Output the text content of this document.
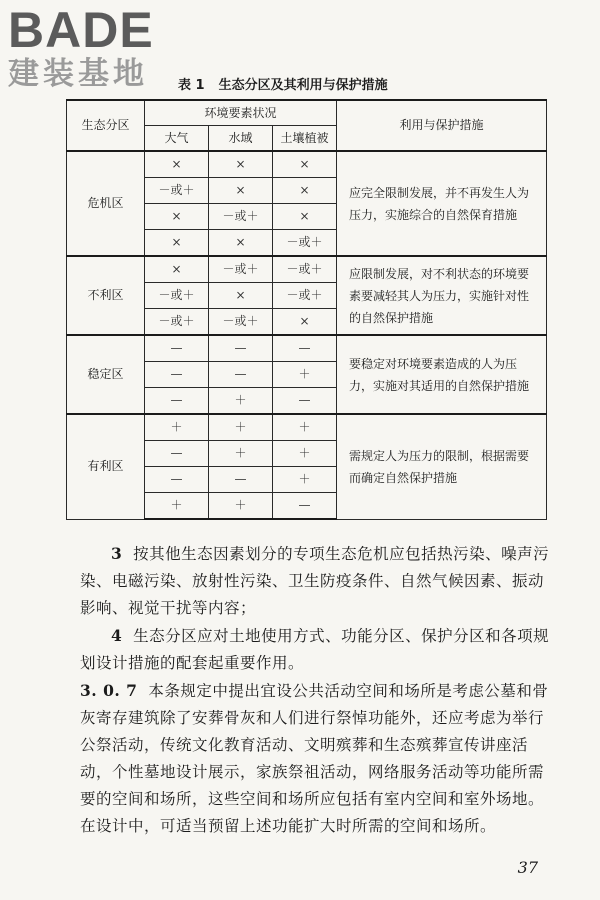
BADE
建装基地	表 1 生态分区及其利用与保护措施
生态分区	环境要素状况			利用与保护措施
	大气	水域	土壤植被	
危机区	×	×	×	应完全限制发展，并不再发生人为压力，实施综合的自然保育措施
	－或＋	×	×	
	×	－或＋	×	
	×	×	－或＋	
不利区	×	－或＋	－或＋	应限制发展，对不利状态的环境要素要减轻其人为压力，实施针对性的自然保护措施
	－或＋	×	－或＋	
	－或＋	－或＋	×	
稳定区	—	—	—	要稳定对环境要素造成的人为压力，实施对其适用的自然保护措施
	—	—	＋	
	—	＋	—	
有利区	＋	＋	＋	需规定人为压力的限制，根据需要而确定自然保护措施
	—	＋	＋	
	—	—	＋	
	＋	＋	—	
3 按其他生态因素划分的专项生态危机应包括热污染、噪声污染、电磁污染、放射性污染、卫生防疫条件、自然气候因素、振动影响、视觉干扰等内容；
4 生态分区应对土地使用方式、功能分区、保护分区和各项规划设计措施的配套起重要作用。
3. 0. 7 本条规定中提出宜设公共活动空间和场所是考虑公墓和骨灰寄存建筑除了安葬骨灰和人们进行祭悼功能外，还应考虑为举行公祭活动，传统文化教育活动、文明殡葬和生态殡葬宣传讲座活动，个性墓地设计展示，家族祭祖活动，网络服务活动等功能所需要的空间和场所，这些空间和场所应包括有室内空间和室外场地。在设计中，可适当预留上述功能扩大时所需的空间和场所。
37
